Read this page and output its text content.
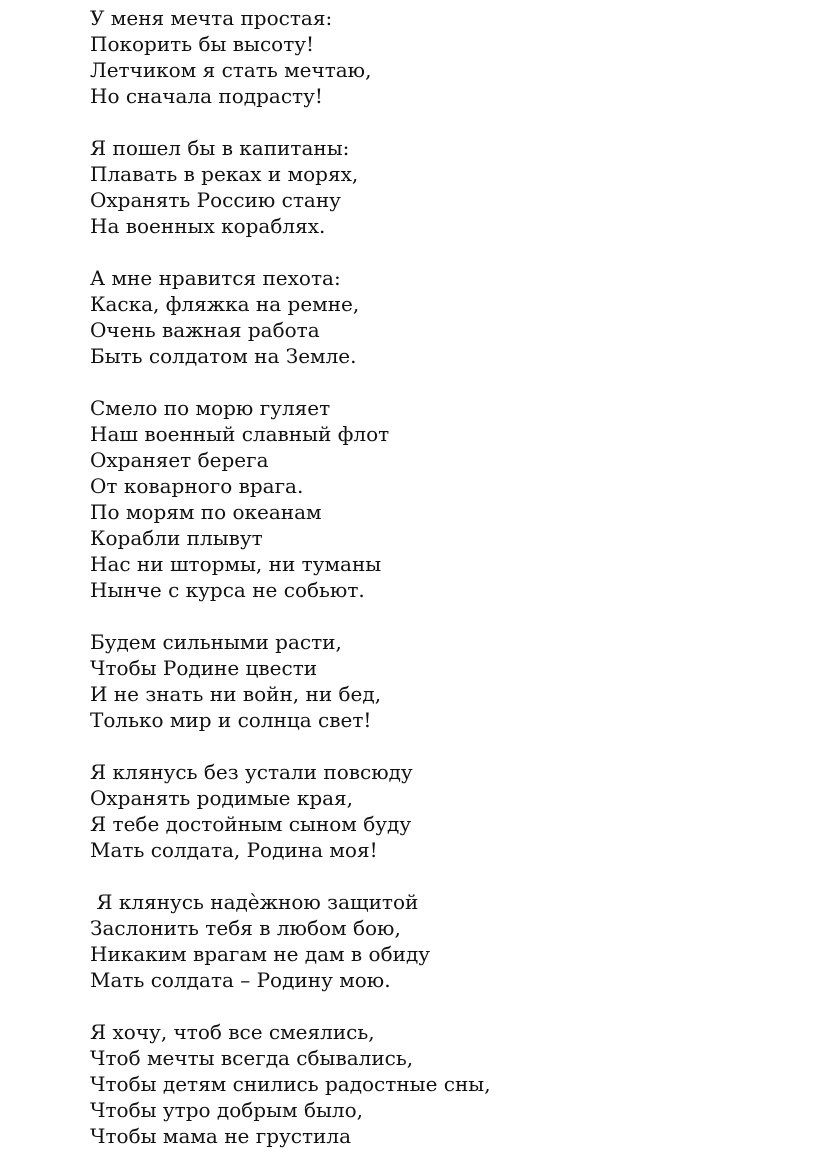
У меня мечта простая:
Покорить бы высоту!
Летчиком я стать мечтаю,
Но сначала подрасту!
Я пошел бы в капитаны:
Плавать в реках и морях,
Охранять Россию стану
На военных кораблях.
А мне нравится пехота:
Каска, фляжка на ремне,
Очень важная работа
Быть солдатом на Земле.
Смело по морю гуляет
Наш военный славный флот
Охраняет берега
От коварного врага.
По морям по океанам
Корабли плывут
Нас ни штормы, ни туманы
Нынче с курса не собьют.
Будем сильными расти,
Чтобы Родине цвести
И не знать ни войн, ни бед,
Только мир и солнца свет!
Я клянусь без устали повсюду
Охранять родимые края,
Я тебе достойным сыном буду
Мать солдата, Родина моя!
Я клянусь надѐжною защитой
Заслонить тебя в любом бою,
Никаким врагам не дам в обиду
Мать солдата – Родину мою.
Я хочу, чтоб все смеялись,
Чтоб мечты всегда сбывались,
Чтобы детям снились радостные сны,
Чтобы утро добрым было,
Чтобы мама не грустила
